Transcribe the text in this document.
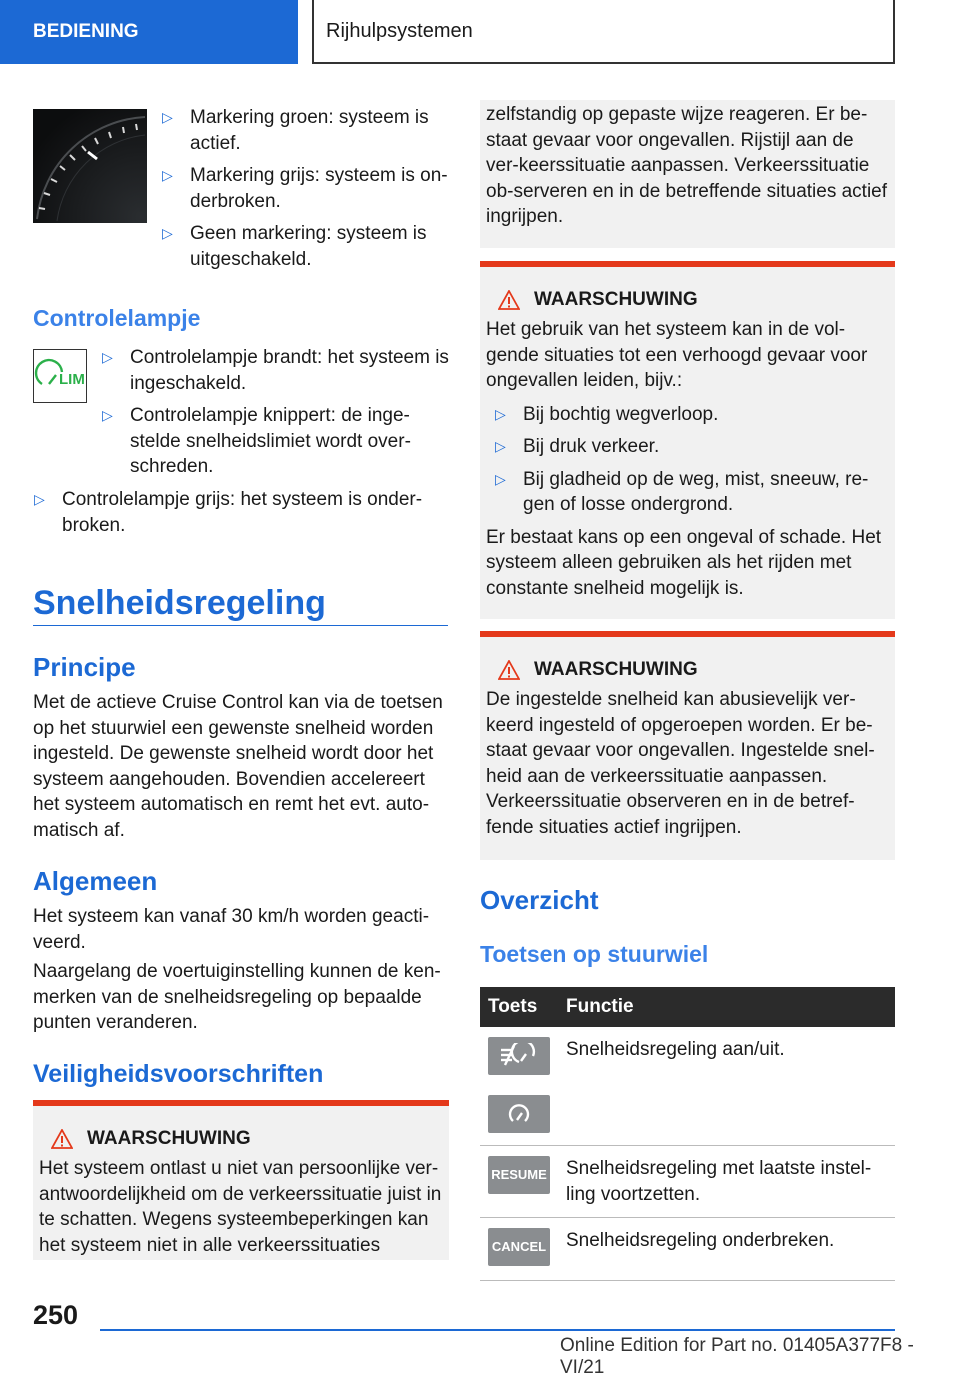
BEDIENING	Rijhulpsystemen
▷ Markering groen: systeem is actief.
▷ Markering grijs: systeem is on-derbroken.
▷ Geen markering: systeem is uitgeschakeld.
Controlelampje
LIM
▷ Controlelampje brandt: het systeem is ingeschakeld.
▷ Controlelampje knippert: de inge-stelde snelheidslimiet wordt over-schreden.
▷ Controlelampje grijs: het systeem is onder-broken.
Snelheidsregeling
Principe

Met de actieve Cruise Control kan via de toetsen op het stuurwiel een gewenste snelheid worden ingesteld. De gewenste snelheid wordt door het systeem aangehouden. Bovendien accelereert het systeem automatisch en remt het evt. auto-matisch af.

Algemeen

Het systeem kan vanaf 30 km/h worden geacti-veerd.

Naargelang de voertuiginstelling kunnen de ken-merken van de snelheidsregeling op bepaalde punten veranderen.

Veiligheidsvoorschriften
WAARSCHUWING

Het systeem ontlast u niet van persoonlijke ver-antwoordelijkheid om de verkeerssituatie juist in te schatten. Wegens systeembeperkingen kan het systeem niet in alle verkeerssituaties

zelfstandig op gepaste wijze reageren. Er be-staat gevaar voor ongevallen. Rijstijl aan de ver-keerssituatie aanpassen. Verkeerssituatie ob-serveren en in de betreffende situaties actief ingrijpen.

WAARSCHUWING

Het gebruik van het systeem kan in de vol-gende situaties tot een verhoogd gevaar voor ongevallen leiden, bijv.:

▷ Bij bochtig wegverloop.
▷ Bij druk verkeer.
▷ Bij gladheid op de weg, mist, sneeuw, re-gen of losse ondergrond.

Er bestaat kans op een ongeval of schade. Het systeem alleen gebruiken als het rijden met constante snelheid mogelijk is.

WAARSCHUWING

De ingestelde snelheid kan abusievelijk ver-keerd ingesteld of opgeroepen worden. Er be-staat gevaar voor ongevallen. Ingestelde snel-heid aan de verkeerssituatie aanpassen. Verkeerssituatie observeren en in de betref-fende situaties actief ingrijpen.

Overzicht
Toetsen op stuurwiel
Toets	Functie

	Snelheidsregeling aan/uit.

RESUME	Snelheidsregeling met laatste instel-ling voortzetten.

CANCEL	Snelheidsregeling onderbreken.
250
Online Edition for Part no. 01405A377F8 - VI/21
